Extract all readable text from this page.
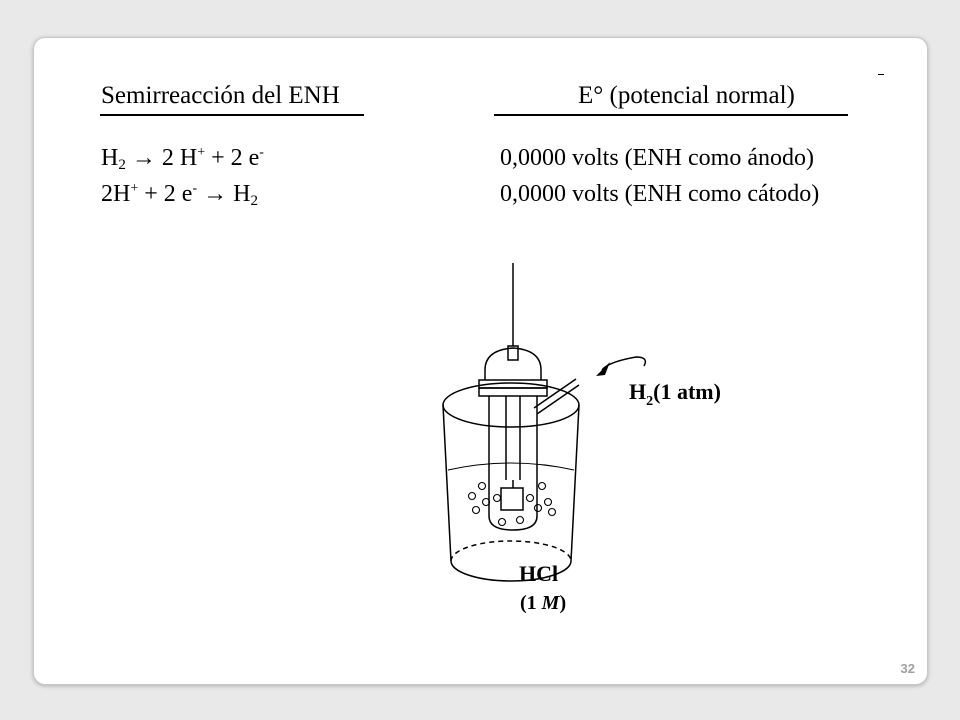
Semirreacción del ENH	E° (potencial normal)
$H_2 \to 2$ H+ + 2 e-	0,0000 volts (ENH como ánodo)
2H+ + 2 $e^- \to H_2$	0,0000 volts (ENH como cátodo)
$H_2(1$ atm)
HCl
(1 M)
32
